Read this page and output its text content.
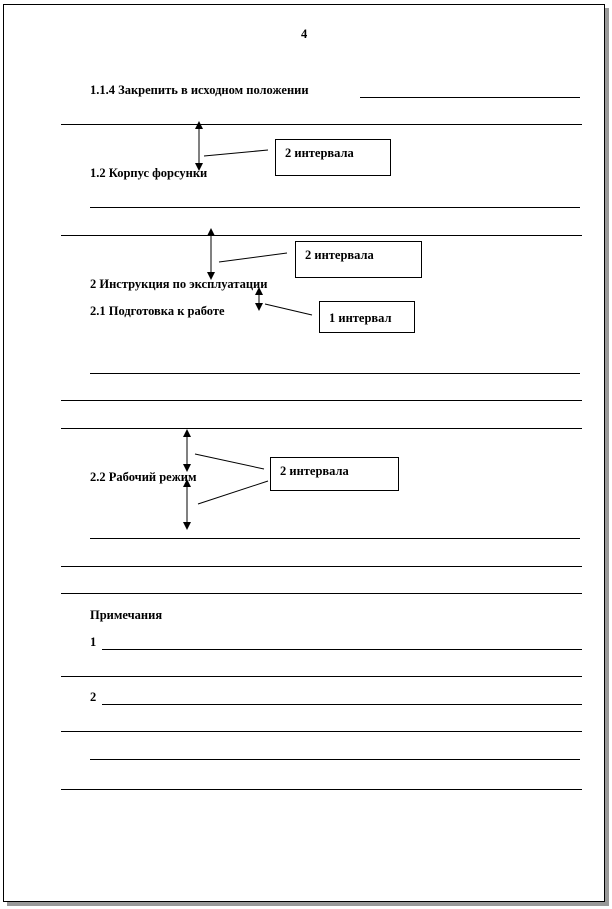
4
1.1.4 Закрепить в исходном положении
1.2 Корпус форсунки
2 Инструкция по эксплуатации
2.1 Подготовка к работе
2.2 Рабочий режим
Примечания
1
2
2 интервала
2 интервала
1 интервал
2 интервала
